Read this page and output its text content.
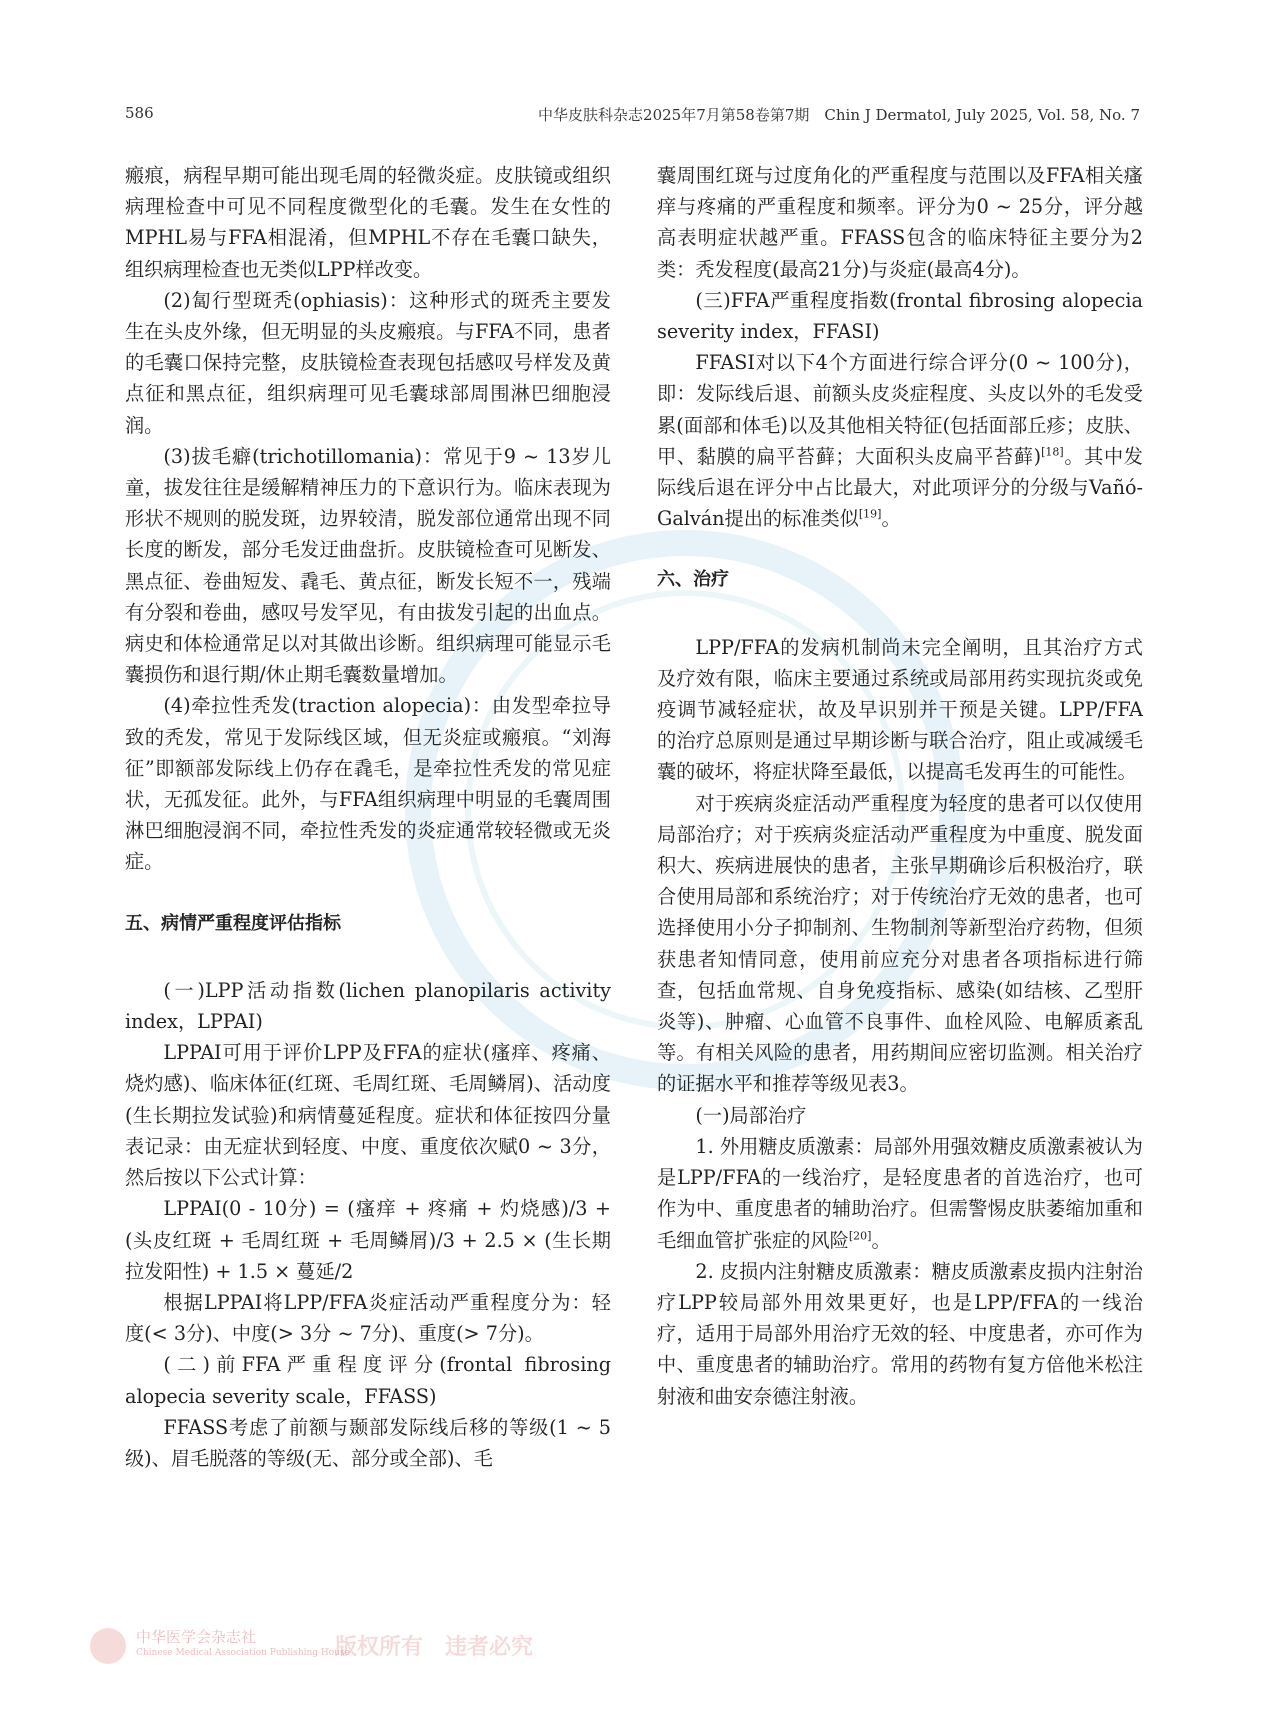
586	中华皮肤科杂志2025年7月第58卷第7期　Chin J Dermatol, July 2025, Vol. 58, No. 7

瘢痕，病程早期可能出现毛周的轻微炎症。皮肤镜或组织病理检查中可见不同程度微型化的毛囊。发生在女性的MPHL易与FFA相混淆，但MPHL不存在毛囊口缺失，组织病理检查也无类似LPP样改变。

(2)匐行型斑秃(ophiasis)：这种形式的斑秃主要发生在头皮外缘，但无明显的头皮瘢痕。与FFA不同，患者的毛囊口保持完整，皮肤镜检查表现包括感叹号样发及黄点征和黑点征，组织病理可见毛囊球部周围淋巴细胞浸润。

(3)拔毛癖(trichotillomania)：常见于9 ~ 13岁儿童，拔发往往是缓解精神压力的下意识行为。临床表现为形状不规则的脱发斑，边界较清，脱发部位通常出现不同长度的断发，部分毛发迂曲盘折。皮肤镜检查可见断发、黑点征、卷曲短发、毳毛、黄点征，断发长短不一，残端有分裂和卷曲，感叹号发罕见，有由拔发引起的出血点。病史和体检通常足以对其做出诊断。组织病理可能显示毛囊损伤和退行期/休止期毛囊数量增加。

(4)牵拉性秃发(traction alopecia)：由发型牵拉导致的秃发，常见于发际线区域，但无炎症或瘢痕。“刘海征”即额部发际线上仍存在毳毛，是牵拉性秃发的常见症状，无孤发征。此外，与FFA组织病理中明显的毛囊周围淋巴细胞浸润不同，牵拉性秃发的炎症通常较轻微或无炎症。

五、病情严重程度评估指标

(一)LPP活动指数(lichen planopilaris activity index，LPPAI)

LPPAI可用于评价LPP及FFA的症状(瘙痒、疼痛、烧灼感)、临床体征(红斑、毛周红斑、毛周鳞屑)、活动度(生长期拉发试验)和病情蔓延程度。症状和体征按四分量表记录：由无症状到轻度、中度、重度依次赋0 ~ 3分，然后按以下公式计算：

LPPAI(0 - 10分) = (瘙痒 + 疼痛 + 灼烧感)/3 + (头皮红斑 + 毛周红斑 + 毛周鳞屑)/3 + 2.5 × (生长期拉发阳性) + 1.5 × 蔓延/2

根据LPPAI将LPP/FFA炎症活动严重程度分为：轻度(< 3分)、中度(> 3分 ~ 7分)、重度(> 7分)。

(二)前FFA严重程度评分(frontal fibrosing alopecia severity scale，FFASS)

FFASS考虑了前额与颞部发际线后移的等级(1 ~ 5级)、眉毛脱落的等级(无、部分或全部)、毛

囊周围红斑与过度角化的严重程度与范围以及FFA相关瘙痒与疼痛的严重程度和频率。评分为0 ~ 25分，评分越高表明症状越严重。FFASS包含的临床特征主要分为2类：秃发程度(最高21分)与炎症(最高4分)。

(三)FFA严重程度指数(frontal fibrosing alopecia severity index，FFASI)

FFASI对以下4个方面进行综合评分(0 ~ 100分)，即：发际线后退、前额头皮炎症程度、头皮以外的毛发受累(面部和体毛)以及其他相关特征(包括面部丘疹；皮肤、甲、黏膜的扁平苔藓；大面积头皮扁平苔藓)[18]。其中发际线后退在评分中占比最大，对此项评分的分级与Vañó-Galván提出的标准类似[19]。

六、治疗

LPP/FFA的发病机制尚未完全阐明，且其治疗方式及疗效有限，临床主要通过系统或局部用药实现抗炎或免疫调节减轻症状，故及早识别并干预是关键。LPP/FFA的治疗总原则是通过早期诊断与联合治疗，阻止或减缓毛囊的破坏，将症状降至最低，以提高毛发再生的可能性。

对于疾病炎症活动严重程度为轻度的患者可以仅使用局部治疗；对于疾病炎症活动严重程度为中重度、脱发面积大、疾病进展快的患者，主张早期确诊后积极治疗，联合使用局部和系统治疗；对于传统治疗无效的患者，也可选择使用小分子抑制剂、生物制剂等新型治疗药物，但须获患者知情同意，使用前应充分对患者各项指标进行筛查，包括血常规、自身免疫指标、感染(如结核、乙型肝炎等)、肿瘤、心血管不良事件、血栓风险、电解质紊乱等。有相关风险的患者，用药期间应密切监测。相关治疗的证据水平和推荐等级见表3。

(一)局部治疗

1. 外用糖皮质激素：局部外用强效糖皮质激素被认为是LPP/FFA的一线治疗，是轻度患者的首选治疗，也可作为中、重度患者的辅助治疗。但需警惕皮肤萎缩加重和毛细血管扩张症的风险[20]。

2. 皮损内注射糖皮质激素：糖皮质激素皮损内注射治疗LPP较局部外用效果更好，也是LPP/FFA的一线治疗，适用于局部外用治疗无效的轻、中度患者，亦可作为中、重度患者的辅助治疗。常用的药物有复方倍他米松注射液和曲安奈德注射液。

中华医学会杂志社
Chinese Medical Association Publishing House
版权所有　违者必究
